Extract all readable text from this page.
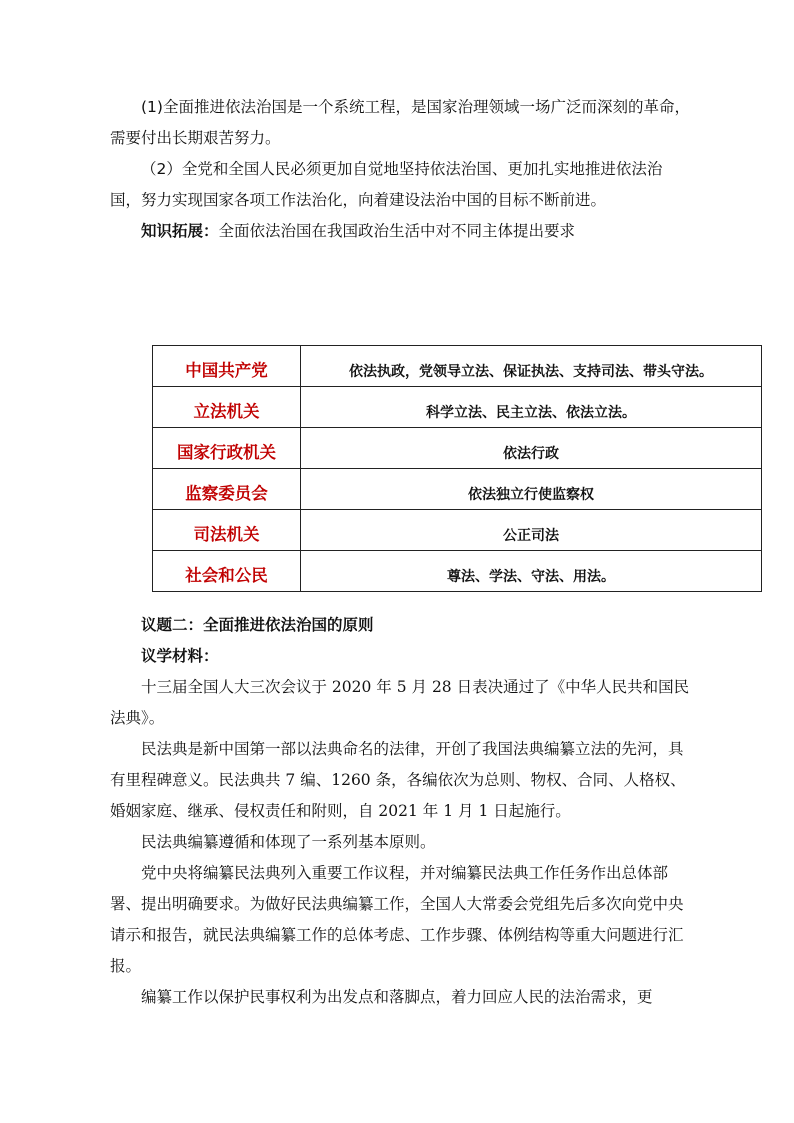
(1)全面推进依法治国是一个系统工程，是国家治理领域一场广泛而深刻的革命，需要付出长期艰苦努力。

（2）全党和全国人民必须更加自觉地坚持依法治国、更加扎实地推进依法治国，努力实现国家各项工作法治化，向着建设法治中国的目标不断前进。

知识拓展：全面依法治国在我国政治生活中对不同主体提出要求

中国共产党	依法执政，党领导立法、保证执法、支持司法、带头守法。
立法机关	科学立法、民主立法、依法立法。
国家行政机关	依法行政
监察委员会	依法独立行使监察权
司法机关	公正司法
社会和公民	尊法、学法、守法、用法。

议题二：全面推进依法治国的原则

议学材料：

十三届全国人大三次会议于 2020 年 5 月 28 日表决通过了《中华人民共和国民法典》。

民法典是新中国第一部以法典命名的法律，开创了我国法典编纂立法的先河，具有里程碑意义。民法典共 7 编、1260 条，各编依次为总则、物权、合同、人格权、婚姻家庭、继承、侵权责任和附则，自 2021 年 1 月 1 日起施行。

民法典编纂遵循和体现了一系列基本原则。

党中央将编纂民法典列入重要工作议程，并对编纂民法典工作任务作出总体部署、提出明确要求。为做好民法典编纂工作，全国人大常委会党组先后多次向党中央请示和报告，就民法典编纂工作的总体考虑、工作步骤、体例结构等重大问题进行汇报。

编纂工作以保护民事权利为出发点和落脚点，着力回应人民的法治需求，更
